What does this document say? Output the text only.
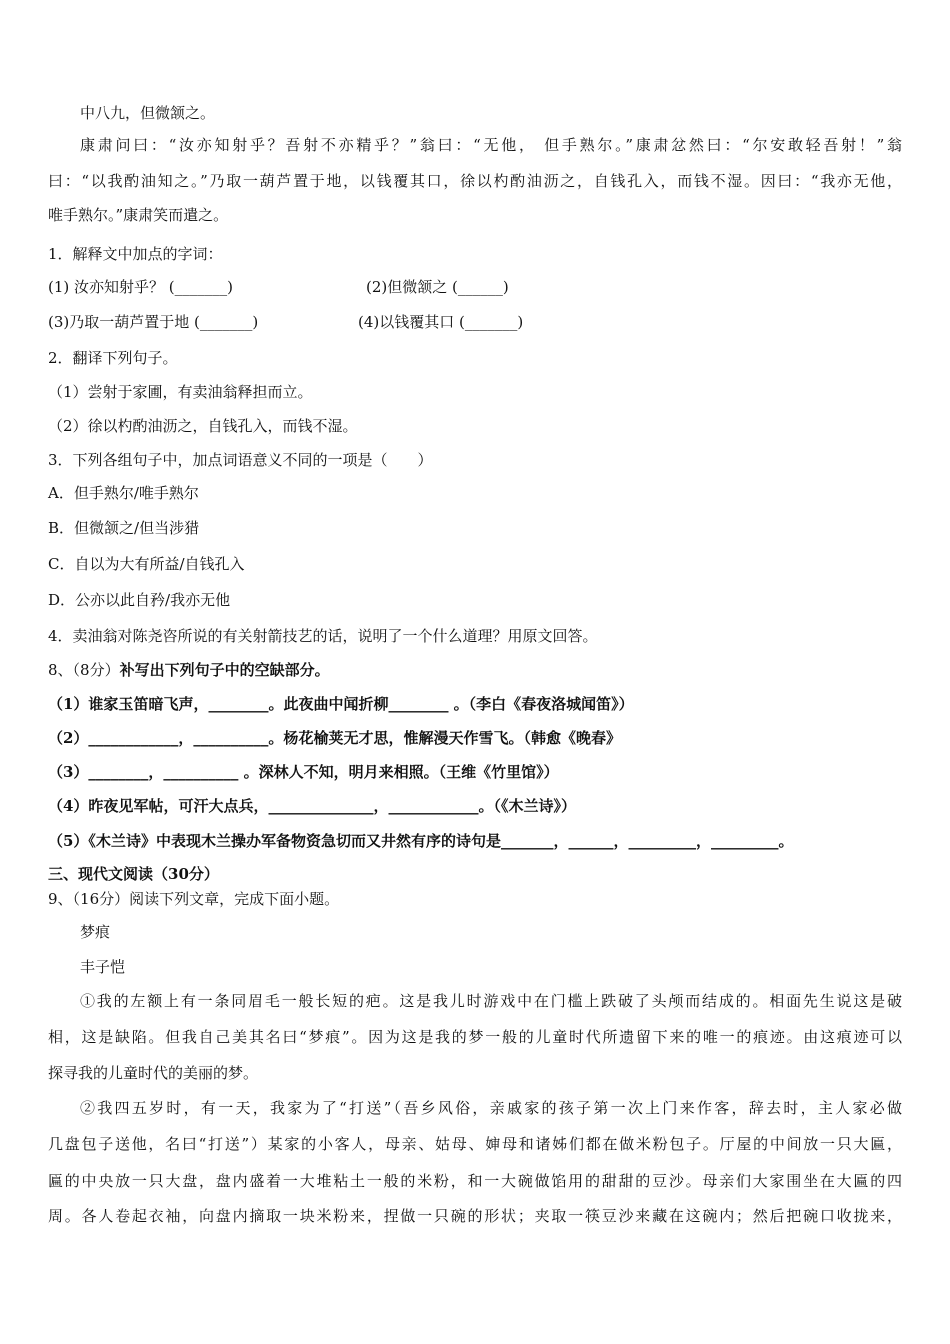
中八九，但微颔之。
康肃问曰：“汝亦知射乎？吾射不亦精乎？”翁曰：“无他， 但手熟尔。”康肃忿然曰：“尔安敢轻吾射！”翁
曰：“以我酌油知之。”乃取一葫芦置于地，以钱覆其口，徐以杓酌油沥之，自钱孔入，而钱不湿。因曰：“我亦无他，
唯手熟尔。”康肃笑而遣之。
1．解释文中加点的字词：
(1) 汝亦知射乎？ (_______)	(2)但微颔之 (______)
(3)乃取一葫芦置于地 (_______)	(4)以钱覆其口 (_______)
2．翻译下列句子。
（1）尝射于家圃，有卖油翁释担而立。
（2）徐以杓酌油沥之，自钱孔入，而钱不湿。
3．下列各组句子中，加点词语意义不同的一项是（　　）
A．但手熟尔/唯手熟尔
B．但微颔之/但当涉猎
C．自以为大有所益/自钱孔入
D．公亦以此自矜/我亦无他
4．卖油翁对陈尧咨所说的有关射箭技艺的话，说明了一个什么道理？用原文回答。
8、（8分）补写出下列句子中的空缺部分。
（1）谁家玉笛暗飞声，________。此夜曲中闻折柳________ 。（李白《春夜洛城闻笛》）
（2）____________，__________。杨花榆荚无才思，惟解漫天作雪飞。（韩愈《晚春》
（3）________，__________ 。深林人不知，明月来相照。（王维《竹里馆》）
（4）昨夜见军帖，可汗大点兵，______________，____________。（《木兰诗》）
（5）《木兰诗》中表现木兰操办军备物资急切而又井然有序的诗句是_______，______，_________，_________。
三、现代文阅读（30分）
9、（16分）阅读下列文章，完成下面小题。
梦痕
丰子恺
①我的左额上有一条同眉毛一般长短的疤。这是我儿时游戏中在门槛上跌破了头颅而结成的。相面先生说这是破
相，这是缺陷。但我自己美其名曰“梦痕”。因为这是我的梦一般的儿童时代所遗留下来的唯一的痕迹。由这痕迹可以
探寻我的儿童时代的美丽的梦。
②我四五岁时，有一天，我家为了“打送”（吾乡风俗，亲戚家的孩子第一次上门来作客，辞去时，主人家必做
几盘包子送他，名曰“打送”）某家的小客人，母亲、姑母、婶母和诸姊们都在做米粉包子。厅屋的中间放一只大匾，
匾的中央放一只大盘，盘内盛着一大堆粘土一般的米粉，和一大碗做馅用的甜甜的豆沙。母亲们大家围坐在大匾的四
周。各人卷起衣袖，向盘内摘取一块米粉来，捏做一只碗的形状；夹取一筷豆沙来藏在这碗内；然后把碗口收拢来，
